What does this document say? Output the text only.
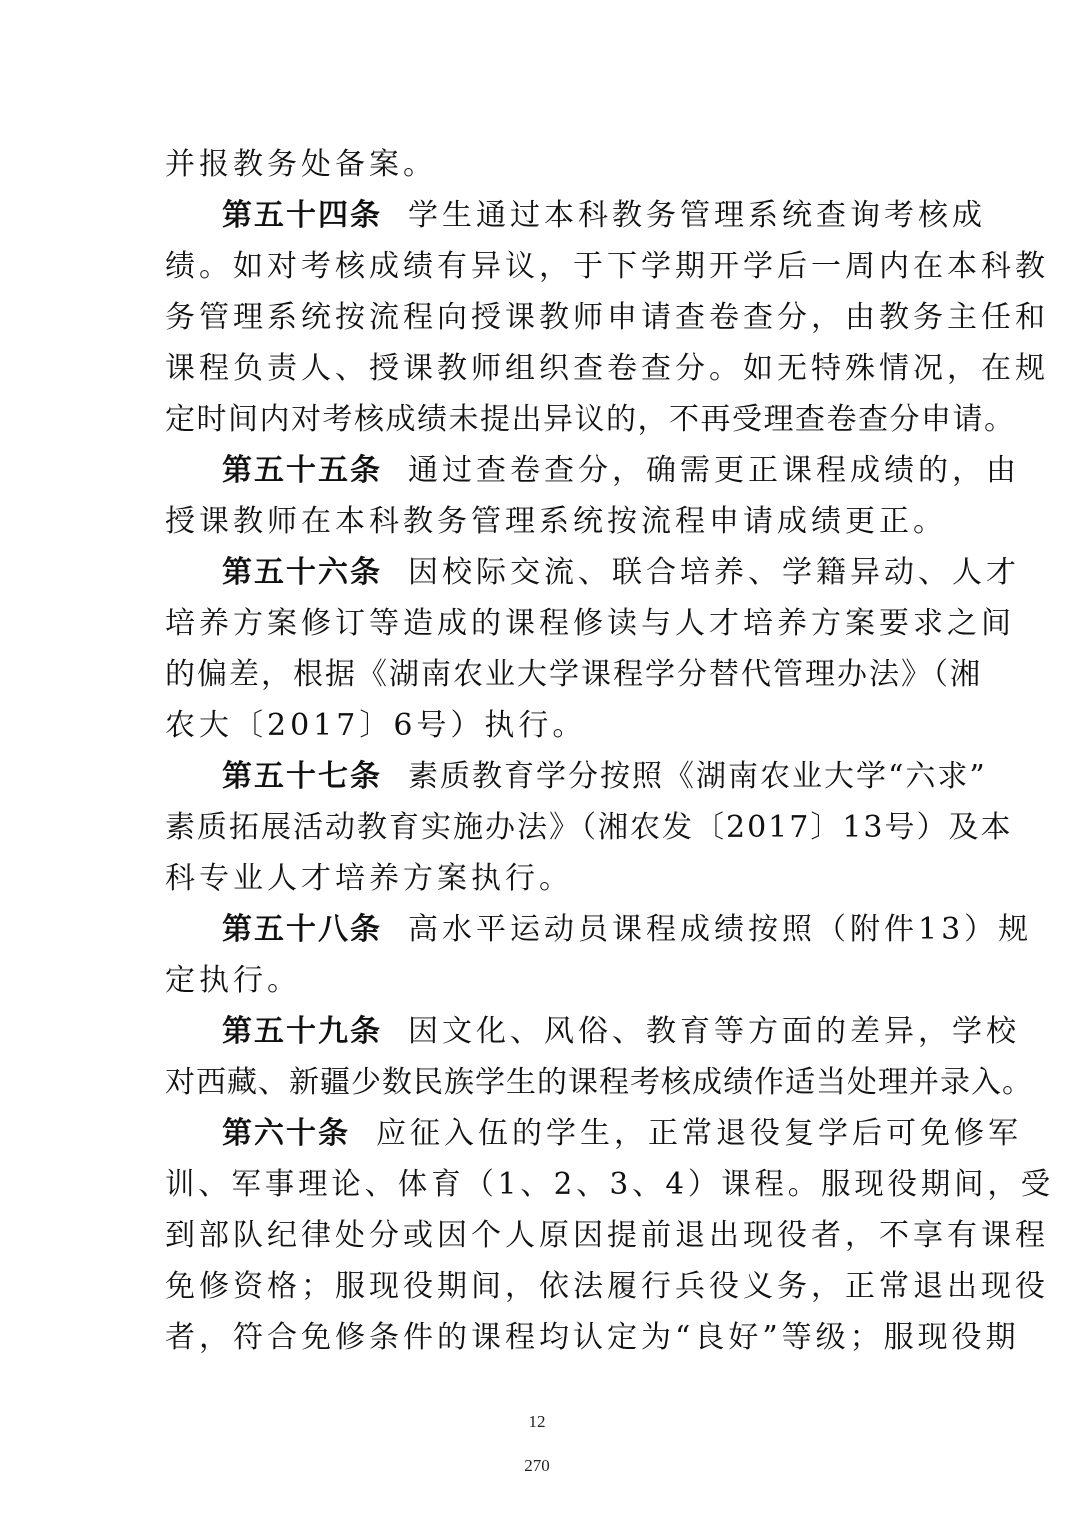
并报教务处备案。

第五十四条 学生通过本科教务管理系统查询考核成

绩。如对考核成绩有异议，于下学期开学后一周内在本科教

务管理系统按流程向授课教师申请查卷查分，由教务主任和

课程负责人、授课教师组织查卷查分。如无特殊情况，在规

定时间内对考核成绩未提出异议的，不再受理查卷查分申请。

第五十五条 通过查卷查分，确需更正课程成绩的，由

授课教师在本科教务管理系统按流程申请成绩更正。

第五十六条 因校际交流、联合培养、学籍异动、人才

培养方案修订等造成的课程修读与人才培养方案要求之间

的偏差，根据《湖南农业大学课程学分替代管理办法》（湘

农大〔2017〕6号）执行。

第五十七条 素质教育学分按照《湖南农业大学“六求”

素质拓展活动教育实施办法》（湘农发〔2017〕13号）及本

科专业人才培养方案执行。

第五十八条 高水平运动员课程成绩按照（附件13）规

定执行。

第五十九条 因文化、风俗、教育等方面的差异，学校

对西藏、新疆少数民族学生的课程考核成绩作适当处理并录入。

第六十条 应征入伍的学生，正常退役复学后可免修军

训、军事理论、体育（1、2、3、4）课程。服现役期间，受

到部队纪律处分或因个人原因提前退出现役者，不享有课程

免修资格；服现役期间，依法履行兵役义务，正常退出现役

者，符合免修条件的课程均认定为“良好”等级；服现役期

12
270
